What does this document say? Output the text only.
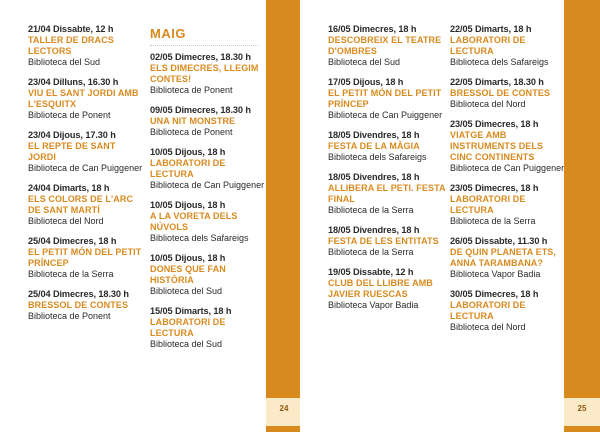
21/04 Dissabte, 12 h
TALLER DE DRACS LECTORS
Biblioteca del Sud
23/04 Dilluns, 16.30 h
VIU EL SANT JORDI AMB L'ESQUITX
Biblioteca de Ponent
23/04 Dijous, 17.30 h
EL REPTE DE SANT JORDI
Biblioteca de Can Puiggener
24/04 Dimarts, 18 h
ELS COLORS DE L'ARC DE SANT MARTÍ
Biblioteca del Nord
25/04 Dimecres, 18 h
EL PETIT MÓN DEL PETIT PRÍNCEP
Biblioteca de la Serra
25/04 Dimecres, 18.30 h
BRESSOL DE CONTES
Biblioteca de Ponent
MAIG
02/05 Dimecres, 18.30 h
ELS DIMECRES, LLEGIM CONTES!
Biblioteca de Ponent
09/05 Dimecres, 18.30 h
UNA NIT MONSTRE
Biblioteca de Ponent
10/05 Dijous, 18 h
LABORATORI DE LECTURA
Biblioteca de Can Puiggener
10/05 Dijous, 18 h
A LA VORETA DELS NÚVOLS
Biblioteca dels Safareigs
10/05 Dijous, 18 h
DONES QUE FAN HISTÒRIA
Biblioteca del Sud
15/05 Dimarts, 18 h
LABORATORI DE LECTURA
Biblioteca del Sud
24
16/05 Dimecres, 18 h
DESCOBREIX EL TEATRE D'OMBRES
Biblioteca del Sud
17/05 Dijous, 18 h
EL PETIT MÓN DEL PETIT PRÍNCEP
Biblioteca de Can Puiggener
18/05 Divendres, 18 h
FESTA DE LA MÀGIA
Biblioteca dels Safareigs
18/05 Divendres, 18 h
ALLIBERA EL PETI. FESTA FINAL
Biblioteca de la Serra
18/05 Divendres, 18 h
FESTA DE LES ENTITATS
Biblioteca de la Serra
19/05 Dissabte, 12 h
CLUB DEL LLIBRE AMB JAVIER RUESCAS
Biblioteca Vapor Badia
22/05 Dimarts, 18 h
LABORATORI DE LECTURA
Biblioteca dels Safareigs
22/05 Dimarts, 18.30 h
BRESSOL DE CONTES
Biblioteca del Nord
23/05 Dimecres, 18 h
VIATGE AMB INSTRUMENTS DELS CINC CONTINENTS
Biblioteca de Can Puiggener
23/05 Dimecres, 18 h
LABORATORI DE LECTURA
Biblioteca de la Serra
26/05 Dissabte, 11.30 h
DE QUIN PLANETA ETS, ANNA TARAMBANA?
Biblioteca Vapor Badia
30/05 Dimecres, 18 h
LABORATORI DE LECTURA
Biblioteca del Nord
25
